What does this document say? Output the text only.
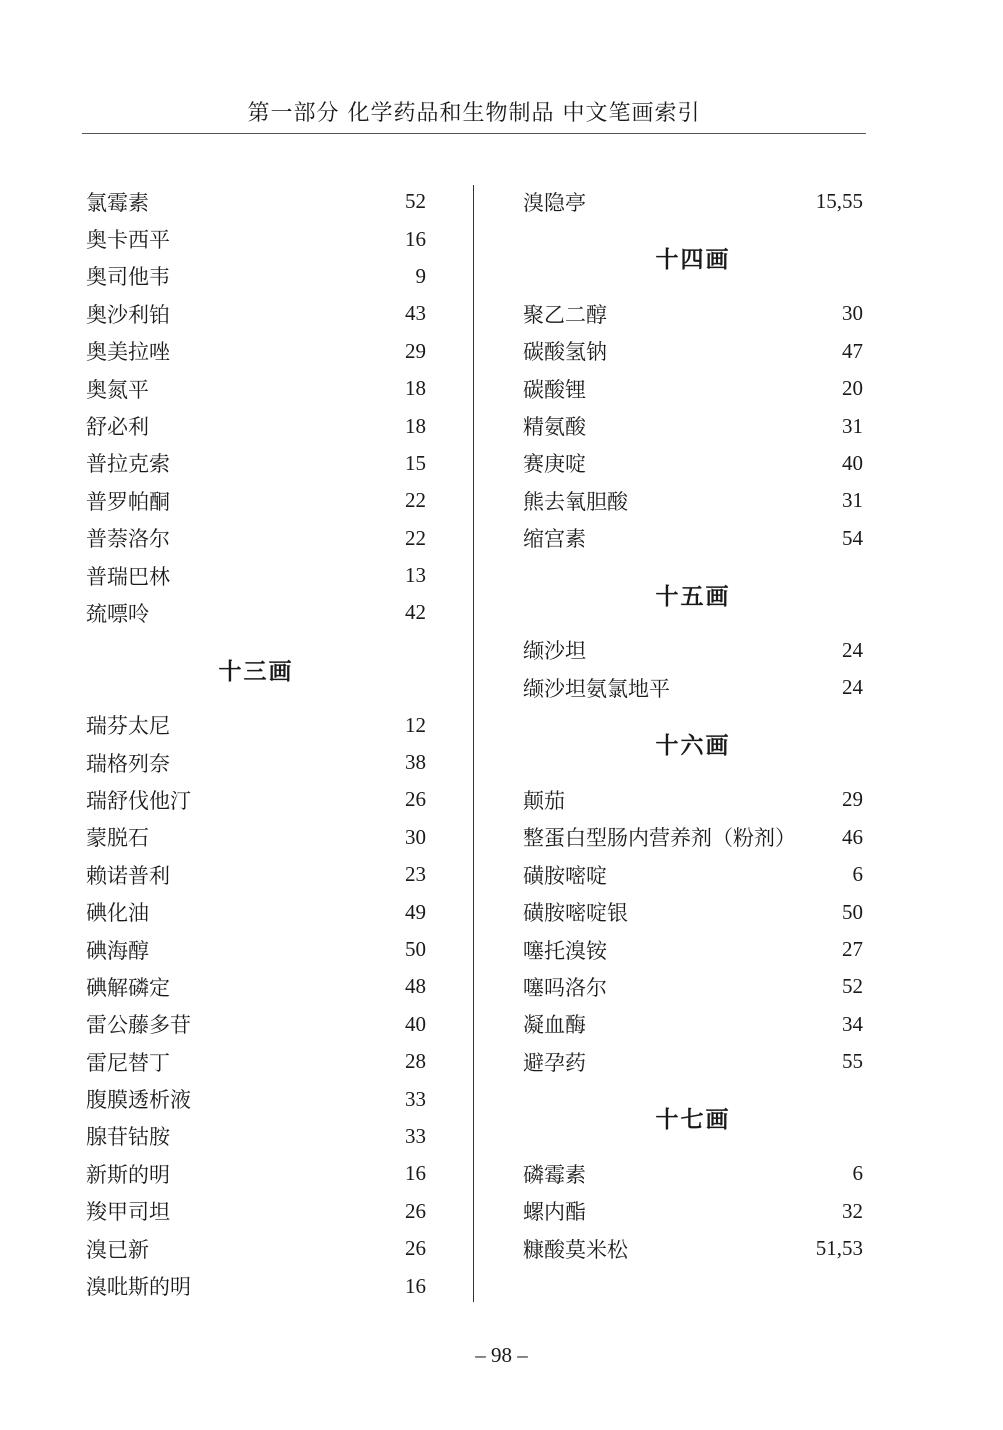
第一部分 化学药品和生物制品 中文笔画索引
氯霉素	52
奥卡西平	16
奥司他韦	9
奥沙利铂	43
奥美拉唑	29
奥氮平	18
舒必利	18
普拉克索	15
普罗帕酮	22
普萘洛尔	22
普瑞巴林	13
巯嘌呤	42
十三画
瑞芬太尼	12
瑞格列奈	38
瑞舒伐他汀	26
蒙脱石	30
赖诺普利	23
碘化油	49
碘海醇	50
碘解磷定	48
雷公藤多苷	40
雷尼替丁	28
腹膜透析液	33
腺苷钴胺	33
新斯的明	16
羧甲司坦	26
溴已新	26
溴吡斯的明	16
溴隐亭	15,55
十四画
聚乙二醇	30
碳酸氢钠	47
碳酸锂	20
精氨酸	31
赛庚啶	40
熊去氧胆酸	31
缩宫素	54
十五画
缬沙坦	24
缬沙坦氨氯地平	24
十六画
颠茄	29
整蛋白型肠内营养剂（粉剂） 46
磺胺嘧啶	6
磺胺嘧啶银	50
噻托溴铵	27
噻吗洛尔	52
凝血酶	34
避孕药	55
十七画
磷霉素	6
螺内酯	32
糠酸莫米松	51,53
– 98 –
